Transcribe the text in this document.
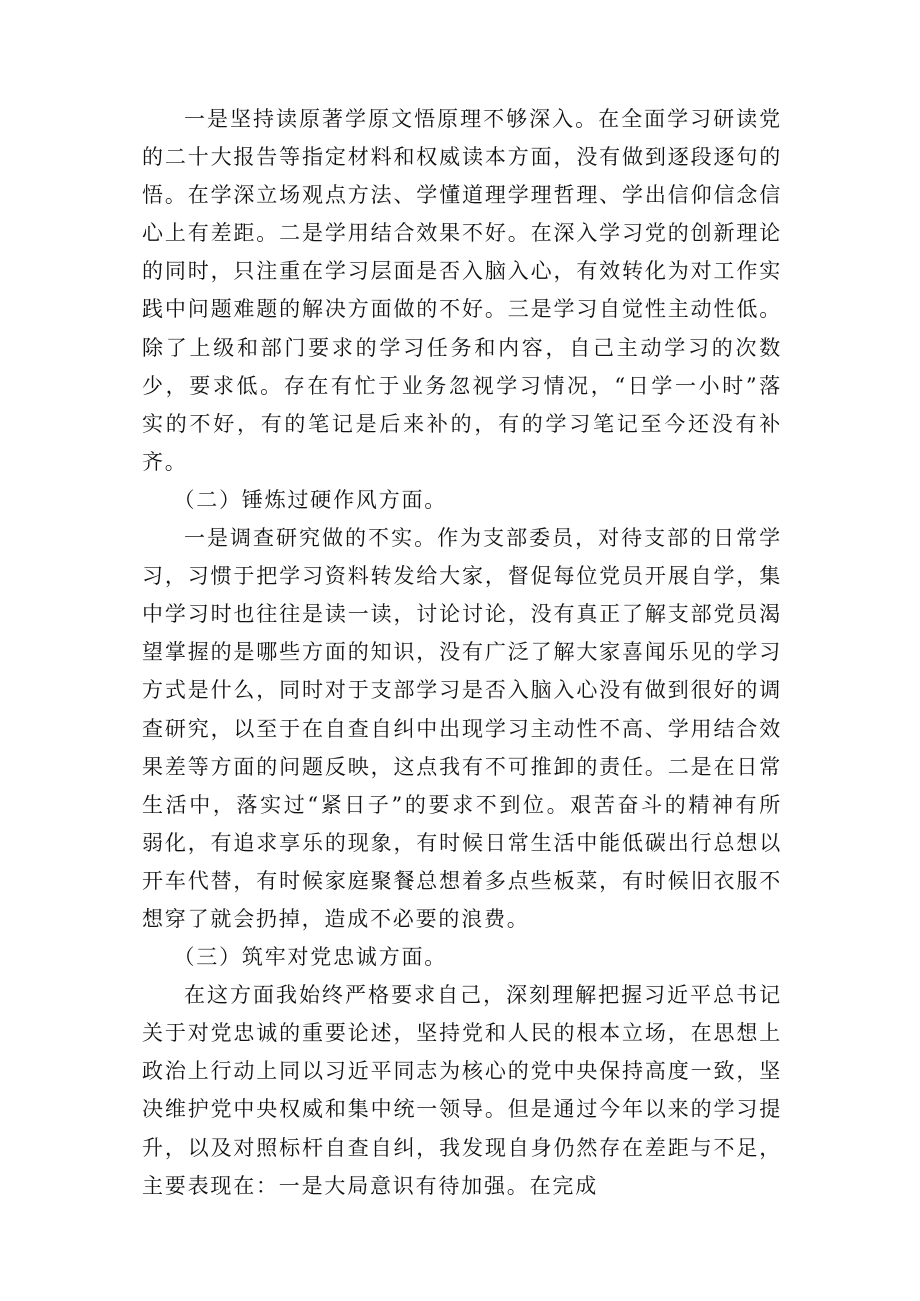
一是坚持读原著学原文悟原理不够深入。在全面学习研读党的二十大报告等指定材料和权威读本方面，没有做到逐段逐句的悟。在学深立场观点方法、学懂道理学理哲理、学出信仰信念信心上有差距。二是学用结合效果不好。在深入学习党的创新理论的同时，只注重在学习层面是否入脑入心，有效转化为对工作实践中问题难题的解决方面做的不好。三是学习自觉性主动性低。除了上级和部门要求的学习任务和内容，自己主动学习的次数少，要求低。存在有忙于业务忽视学习情况，“日学一小时”落实的不好，有的笔记是后来补的，有的学习笔记至今还没有补齐。

（二）锤炼过硬作风方面。

一是调查研究做的不实。作为支部委员，对待支部的日常学习，习惯于把学习资料转发给大家，督促每位党员开展自学，集中学习时也往往是读一读，讨论讨论，没有真正了解支部党员渴望掌握的是哪些方面的知识，没有广泛了解大家喜闻乐见的学习方式是什么，同时对于支部学习是否入脑入心没有做到很好的调查研究，以至于在自查自纠中出现学习主动性不高、学用结合效果差等方面的问题反映，这点我有不可推卸的责任。二是在日常生活中，落实过“紧日子”的要求不到位。艰苦奋斗的精神有所弱化，有追求享乐的现象，有时候日常生活中能低碳出行总想以开车代替，有时候家庭聚餐总想着多点些板菜，有时候旧衣服不想穿了就会扔掉，造成不必要的浪费。

（三）筑牢对党忠诚方面。

在这方面我始终严格要求自己，深刻理解把握习近平总书记关于对党忠诚的重要论述，坚持党和人民的根本立场，在思想上政治上行动上同以习近平同志为核心的党中央保持高度一致，坚决维护党中央权威和集中统一领导。但是通过今年以来的学习提升，以及对照标杆自查自纠，我发现自身仍然存在差距与不足，主要表现在：一是大局意识有待加强。在完成
